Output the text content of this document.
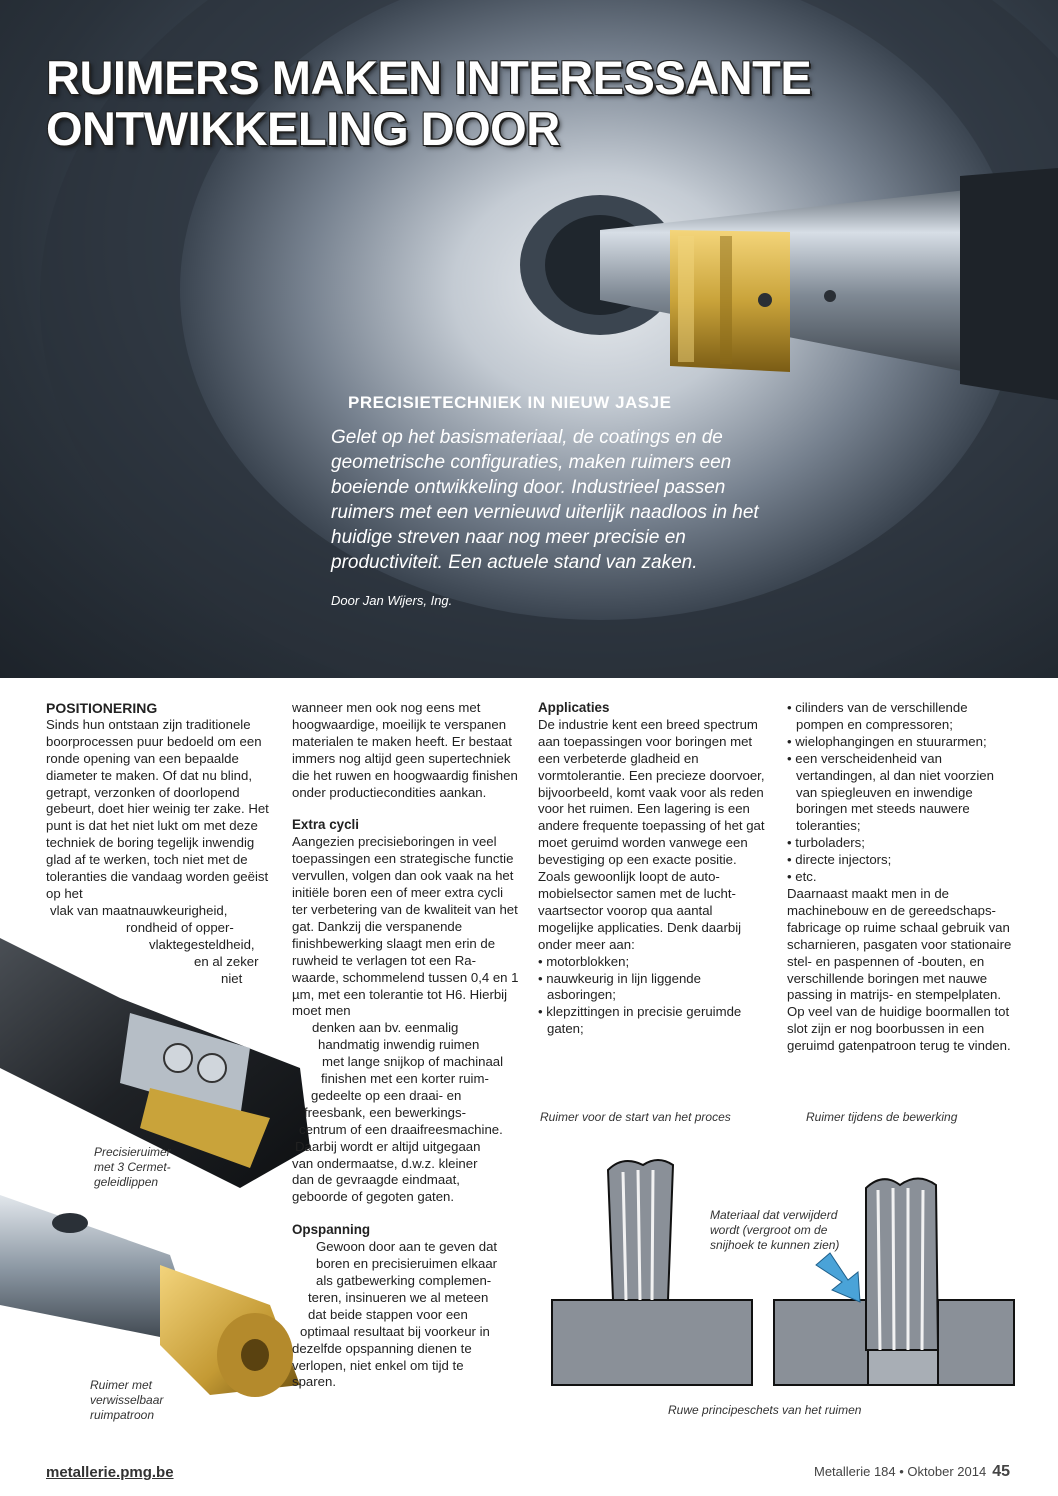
RUIMERS MAKEN INTERESSANTE
ONTWIKKELING DOOR
PRECISIETECHNIEK IN NIEUW JASJE

Gelet op het basismateriaal, de coatings en de geometrische configuraties, maken ruimers een boeiende ontwikkeling door. Industrieel passen ruimers met een vernieuwd uiterlijk naadloos in het huidige streven naar nog meer precisie en productiviteit. Een actuele stand van zaken.

Door Jan Wijers, Ing.

Precisieruimer met 3 Cermet-geleidlippen

Ruimer met verwisselbaar ruimpatroon

POSITIONERING

Sinds hun ontstaan zijn traditionele boorprocessen puur bedoeld om een ronde opening van een bepaalde diameter te maken. Of dat nu blind, getrapt, verzonken of doorlopend gebeurt, doet hier weinig ter zake. Het punt is dat het niet lukt om met deze techniek de boring tegelijk inwendig glad af te werken, toch niet met de toleranties die vandaag worden geëist op het

vlak van maatnauwkeurigheid,

rondheid of opper-

vlaktegesteldheid,

en al zeker

niet

wanneer men ook nog eens met hoogwaardige, moeilijk te verspanen materialen te maken heeft. Er bestaat immers nog altijd geen supertechniek die het ruwen en hoogwaardig finishen onder productiecondities aankan.

Extra cycli

Aangezien precisieboringen in veel toepassingen een strategische functie vervullen, volgen dan ook vaak na het initiële boren een of meer extra cycli ter verbetering van de kwaliteit van het gat. Dankzij die verspanende finishbewerking slaagt men erin de ruwheid te verlagen tot een Ra-waarde, schommelend tussen 0,4 en 1 µm, met een tolerantie tot H6. Hierbij moet men

denken aan bv. eenmalig

handmatig inwendig ruimen

met lange snijkop of machinaal

finishen met een korter ruim-

gedeelte op een draai- en

freesbank, een bewerkings-

centrum of een draaifreesmachine.

Daarbij wordt er altijd uitgegaan

van ondermaatse, d.w.z. kleiner

dan de gevraagde eindmaat,

geboorde of gegoten gaten.

Opspanning

Gewoon door aan te geven dat

boren en precisieruimen elkaar

als gatbewerking complemen-

teren, insinueren we al meteen

dat beide stappen voor een

optimaal resultaat bij voorkeur in

dezelfde opspanning dienen te

verlopen, niet enkel om tijd te

sparen.

Applicaties

De industrie kent een breed spectrum aan toepassingen voor boringen met een verbeterde gladheid en vormtolerantie. Een precieze doorvoer, bijvoorbeeld, komt vaak voor als reden voor het ruimen. Een lagering is een andere frequente toepassing of het gat moet geruimd worden vanwege een bevestiging op een exacte positie.

Zoals gewoonlijk loopt de auto-mobielsector samen met de lucht-vaartsector voorop qua aantal mogelijke applicaties. Denk daarbij onder meer aan:

• motorblokken;
• nauwkeurig in lijn liggende asboringen;
• klepzittingen in precisie geruimde gaten;
• cilinders van de verschillende pompen en compressoren;
• wielophangingen en stuurarmen;
• een verscheidenheid van vertandingen, al dan niet voorzien van spiegleuven en inwendige boringen met steeds nauwere toleranties;
• turboladers;
• directe injectors;
• etc.

Daarnaast maakt men in de machinebouw en de gereedschaps-fabricage op ruime schaal gebruik van scharnieren, pasgaten voor stationaire stel- en paspennen of -bouten, en verschillende boringen met nauwe passing in matrijs- en stempelplaten. Op veel van de huidige boormallen tot slot zijn er nog boorbussen in een geruimd gatenpatroon terug te vinden.

Ruimer voor de start van het proces	Ruimer tijdens de bewerking

Materiaal dat verwijderd wordt (vergroot om de snijhoek te kunnen zien)

Ruwe principeschets van het ruimen

metallerie.pmg.be	Metallerie 184 • Oktober 2014 45
